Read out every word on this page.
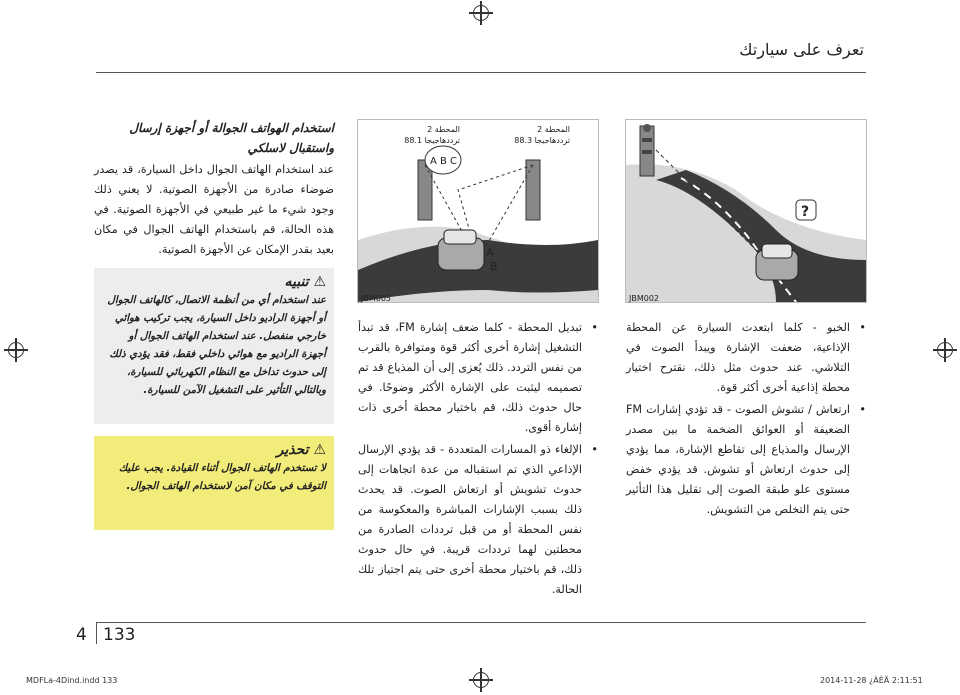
تعرف على سيارتك
?
JBM002
A B C
A
B
المحطة 2
ترددهاجيجا 88.1
المحطة 2
ترددهاجيجا 88.3
JBM005
• الخبو - كلما ابتعدت السيارة عن المحطة الإذاعية، ضعفت الإشارة ويبدأ الصوت في التلاشي. عند حدوث مثل ذلك، نقترح اختيار محطة إذاعية أخرى أكثر قوة.
• ارتعاش / تشوش الصوت - قد تؤدي إشارات FM الضعيفة أو العوائق الضخمة ما بين مصدر الإرسال والمذياع إلى تقاطع الإشارة، مما يؤدي إلى حدوث ارتعاش أو تشوش. قد يؤدي خفض مستوى علو طبقة الصوت إلى تقليل هذا التأثير حتى يتم التخلص من التشويش.
• تبديل المحطة - كلما ضعف إشارة FM، قد تبدأ التشغيل إشارة أخرى أكثر قوة ومتوافرة بالقرب من نفس التردد. ذلك يُعزى إلى أن المذياع قد تم تصميمه ليثبت على الإشارة الأكثر وضوحًا. في حال حدوث ذلك، قم باختيار محطة أخرى ذات إشارة أقوى.
• الإلغاء ذو المسارات المتعددة - قد يؤدي الإرسال الإذاعي الذي تم استقباله من عدة اتجاهات إلى حدوث تشويش أو ارتعاش الصوت. قد يحدث ذلك بسبب الإشارات المباشرة والمعكوسة من نفس المحطة أو من قبل ترددات الصادرة من محطتين لهما ترددات قريبة. في حال حدوث ذلك، قم باختيار محطة أخرى حتى يتم اجتياز تلك الحالة.
استخدام الهواتف الجوالة أو أجهزة إرسال
واستقبال لاسلكي
عند استخدام الهاتف الجوال داخل السيارة، قد يصدر ضوضاء صادرة من الأجهزة الصوتية. لا يعني ذلك وجود شيء ما غير طبيعي في الأجهزة الصوتية. في هذه الحالة، قم باستخدام الهاتف الجوال في مكان بعيد بقدر الإمكان عن الأجهزة الصوتية.
⚠ تنبيه
عند استخدام أي من أنظمة الاتصال، كالهاتف الجوال أو أجهزة الراديو داخل السيارة، يجب تركيب هوائي خارجي منفصل. عند استخدام الهاتف الجوال أو أجهزة الراديو مع هوائي داخلي فقط، فقد يؤدي ذلك إلى حدوث تداخل مع النظام الكهربائي للسيارة، وبالتالي التأثير على التشغيل الآمن للسيارة.
⚠ تحذير
لا تستخدم الهاتف الجوال أثناء القيادة. يجب عليك التوقف في مكان آمن لاستخدام الهاتف الجوال.
133
4
MDFLa-4Dind.indd 133	2014-11-28 ¿ÀÈÄ 2:11:51
